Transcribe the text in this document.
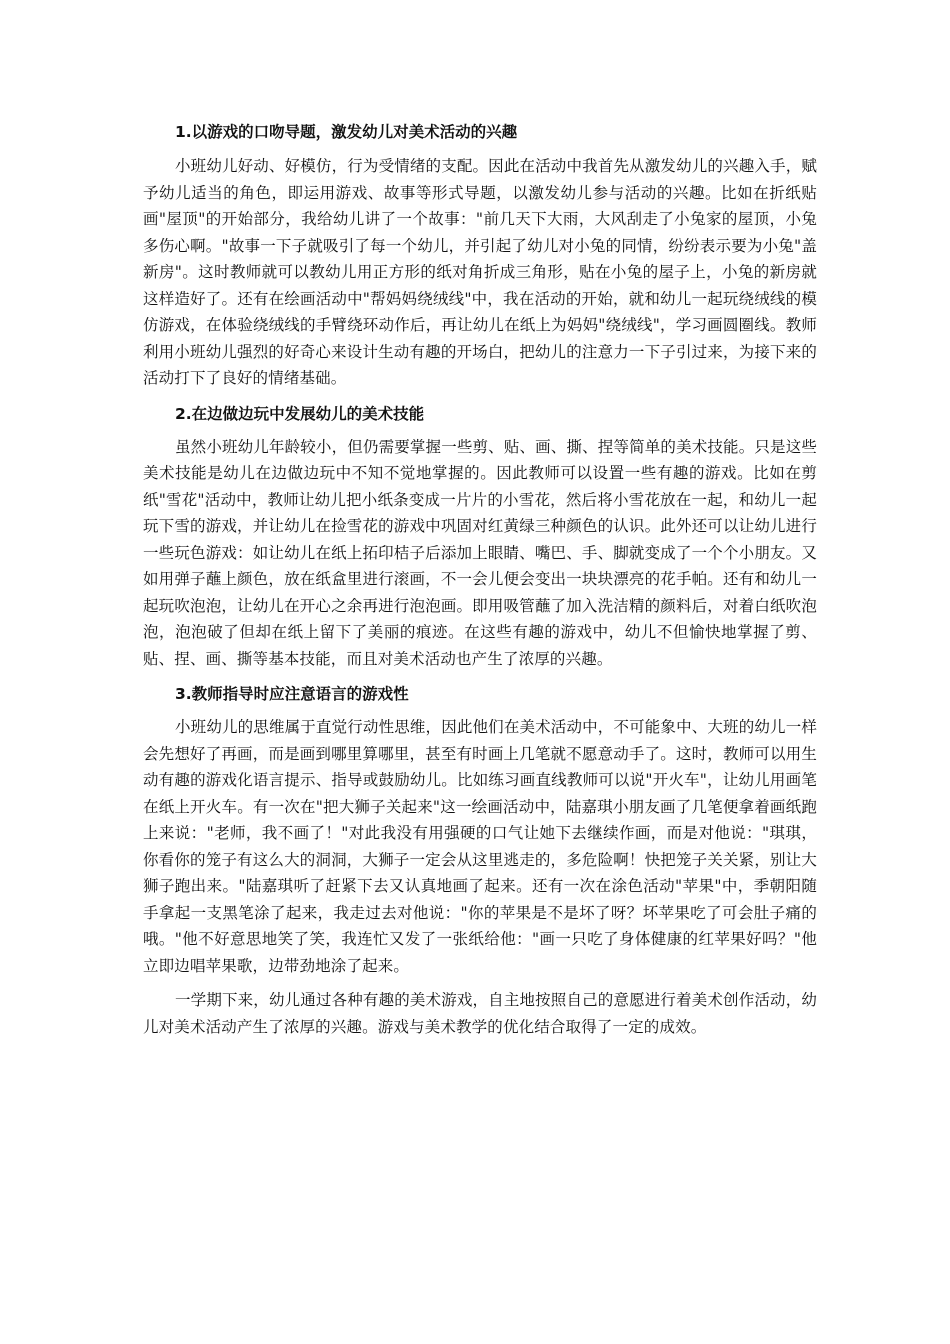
1.以游戏的口吻导题，激发幼儿对美术活动的兴趣

小班幼儿好动、好模仿，行为受情绪的支配。因此在活动中我首先从激发幼儿的兴趣入手，赋予幼儿适当的角色，即运用游戏、故事等形式导题，以激发幼儿参与活动的兴趣。比如在折纸贴画"屋顶"的开始部分，我给幼儿讲了一个故事："前几天下大雨，大风刮走了小兔家的屋顶，小兔多伤心啊。"故事一下子就吸引了每一个幼儿，并引起了幼儿对小兔的同情，纷纷表示要为小兔"盖新房"。这时教师就可以教幼儿用正方形的纸对角折成三角形，贴在小兔的屋子上，小兔的新房就这样造好了。还有在绘画活动中"帮妈妈绕绒线"中，我在活动的开始，就和幼儿一起玩绕绒线的模仿游戏，在体验绕绒线的手臂绕环动作后，再让幼儿在纸上为妈妈"绕绒线"，学习画圆圈线。教师利用小班幼儿强烈的好奇心来设计生动有趣的开场白，把幼儿的注意力一下子引过来，为接下来的活动打下了良好的情绪基础。

2.在边做边玩中发展幼儿的美术技能

虽然小班幼儿年龄较小，但仍需要掌握一些剪、贴、画、撕、捏等简单的美术技能。只是这些美术技能是幼儿在边做边玩中不知不觉地掌握的。因此教师可以设置一些有趣的游戏。比如在剪纸"雪花"活动中，教师让幼儿把小纸条变成一片片的小雪花，然后将小雪花放在一起，和幼儿一起玩下雪的游戏，并让幼儿在捡雪花的游戏中巩固对红黄绿三种颜色的认识。此外还可以让幼儿进行一些玩色游戏：如让幼儿在纸上拓印桔子后添加上眼睛、嘴巴、手、脚就变成了一个个小朋友。又如用弹子蘸上颜色，放在纸盒里进行滚画，不一会儿便会变出一块块漂亮的花手帕。还有和幼儿一起玩吹泡泡，让幼儿在开心之余再进行泡泡画。即用吸管蘸了加入洗洁精的颜料后，对着白纸吹泡泡，泡泡破了但却在纸上留下了美丽的痕迹。在这些有趣的游戏中，幼儿不但愉快地掌握了剪、贴、捏、画、撕等基本技能，而且对美术活动也产生了浓厚的兴趣。

3.教师指导时应注意语言的游戏性

小班幼儿的思维属于直觉行动性思维，因此他们在美术活动中，不可能象中、大班的幼儿一样会先想好了再画，而是画到哪里算哪里，甚至有时画上几笔就不愿意动手了。这时，教师可以用生动有趣的游戏化语言提示、指导或鼓励幼儿。比如练习画直线教师可以说"开火车"，让幼儿用画笔在纸上开火车。有一次在"把大狮子关起来"这一绘画活动中，陆嘉琪小朋友画了几笔便拿着画纸跑上来说："老师，我不画了！"对此我没有用强硬的口气让她下去继续作画，而是对他说："琪琪，你看你的笼子有这么大的洞洞，大狮子一定会从这里逃走的，多危险啊！快把笼子关关紧，别让大狮子跑出来。"陆嘉琪听了赶紧下去又认真地画了起来。还有一次在涂色活动"苹果"中，季朝阳随手拿起一支黑笔涂了起来，我走过去对他说："你的苹果是不是坏了呀？坏苹果吃了可会肚子痛的哦。"他不好意思地笑了笑，我连忙又发了一张纸给他："画一只吃了身体健康的红苹果好吗？"他立即边唱苹果歌，边带劲地涂了起来。

一学期下来，幼儿通过各种有趣的美术游戏，自主地按照自己的意愿进行着美术创作活动，幼儿对美术活动产生了浓厚的兴趣。游戏与美术教学的优化结合取得了一定的成效。
